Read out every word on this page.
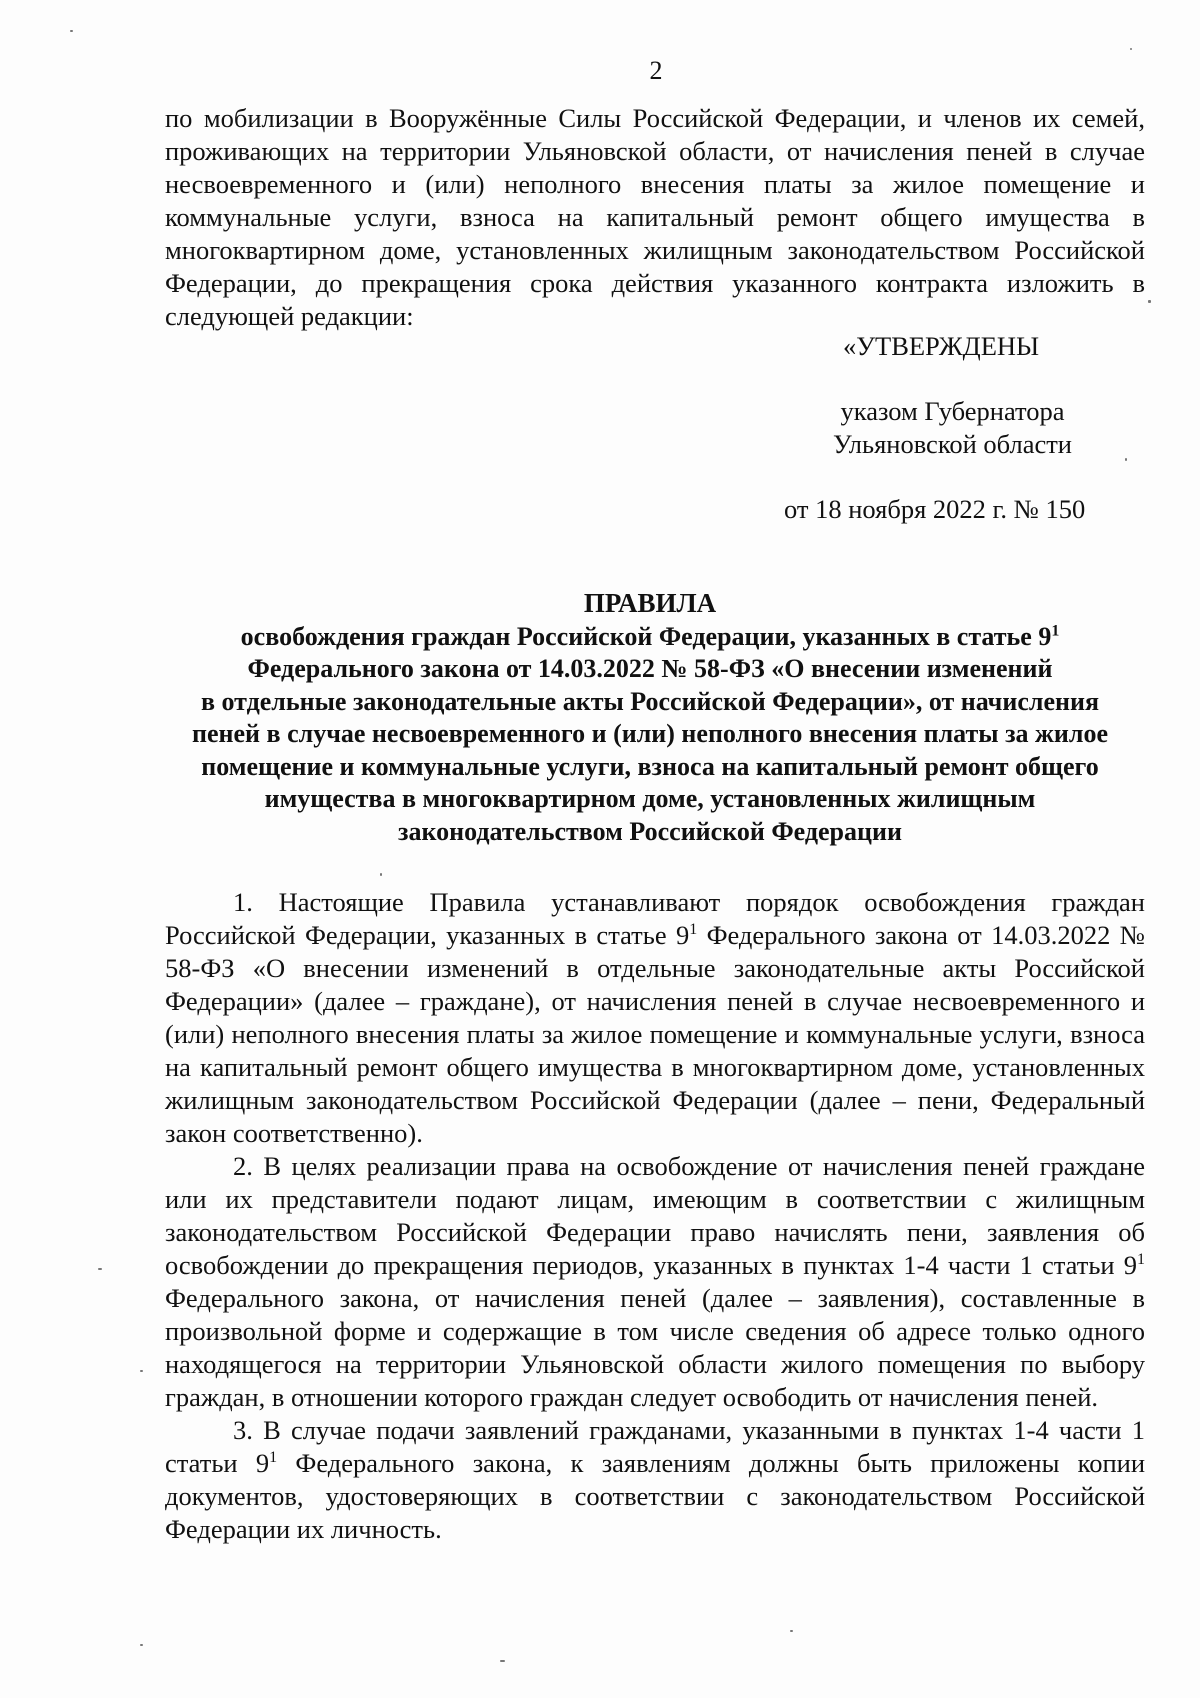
2

по мобилизации в Вооружённые Силы Российской Федерации, и членов их семей, проживающих на территории Ульяновской области, от начисления пеней в случае несвоевременного и (или) неполного внесения платы за жилое помещение и коммунальные услуги, взноса на капитальный ремонт общего имущества в многоквартирном доме, установленных жилищным законодательством Российской Федерации, до прекращения срока действия указанного контракта изложить в следующей редакции:

«УТВЕРЖДЕНЫ
указом Губернатора
Ульяновской области
от 18 ноября 2022 г. № 150
ПРАВИЛА
освобождения граждан Российской Федерации, указанных в статье $9^1$
Федерального закона от 14.03.2022 № 58-ФЗ «О внесении изменений
в отдельные законодательные акты Российской Федерации», от начисления
пеней в случае несвоевременного и (или) неполного внесения платы за жилое
помещение и коммунальные услуги, взноса на капитальный ремонт общего
имущества в многоквартирном доме, установленных жилищным
законодательством Российской Федерации

1. Настоящие Правила устанавливают порядок освобождения граждан Российской Федерации, указанных в статье $9^1$ Федерального закона от 14.03.2022 № 58-ФЗ «О внесении изменений в отдельные законодательные акты Российской Федерации» (далее – граждане), от начисления пеней в случае несвоевременного и (или) неполного внесения платы за жилое помещение и коммунальные услуги, взноса на капитальный ремонт общего имущества в многоквартирном доме, установленных жилищным законодательством Российской Федерации (далее – пени, Федеральный закон соответственно).

2. В целях реализации права на освобождение от начисления пеней граждане или их представители подают лицам, имеющим в соответствии с жилищным законодательством Российской Федерации право начислять пени, заявления об освобождении до прекращения периодов, указанных в пунктах 1-4 части 1 статьи $9^1$ Федерального закона, от начисления пеней (далее – заявления), составленные в произвольной форме и содержащие в том числе сведения об адресе только одного находящегося на территории Ульяновской области жилого помещения по выбору граждан, в отношении которого граждан следует освободить от начисления пеней.

3. В случае подачи заявлений гражданами, указанными в пунктах 1-4 части 1 статьи $9^1$ Федерального закона, к заявлениям должны быть приложены копии документов, удостоверяющих в соответствии с законодательством Российской Федерации их личность.
